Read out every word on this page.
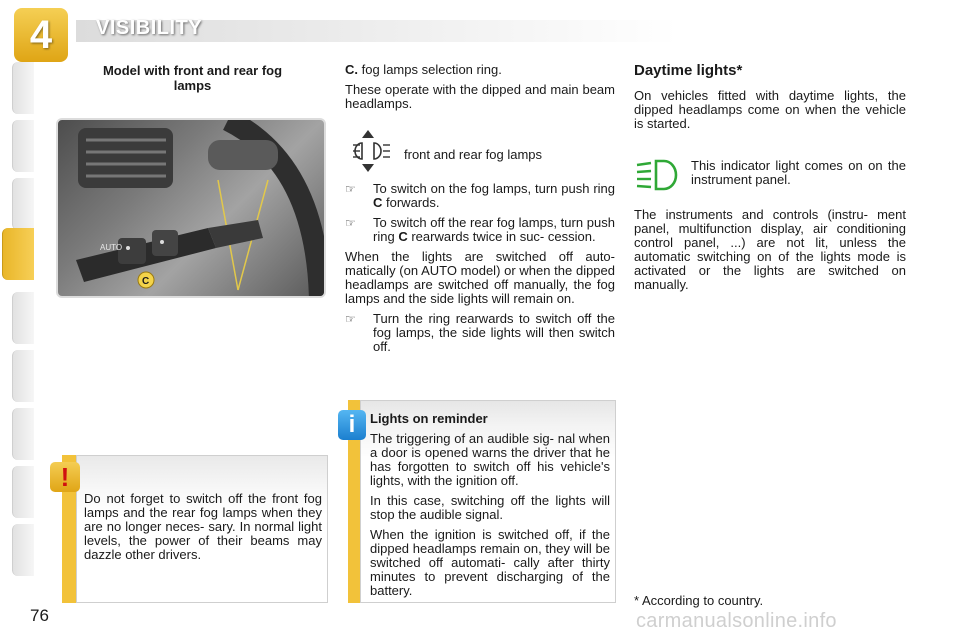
4	VISIBILITY
Model with front and rear fog lamps
AUTO
C
Do not forget to switch off the front fog lamps and the rear fog lamps when they are no longer neces- sary. In normal light levels, the power of their beams may dazzle other drivers.
!

C. fog lamps selection ring.

These operate with the dipped and main beam headlamps.

front and rear fog lamps
☞	To switch on the fog lamps, turn push ring C forwards.
☞	To switch off the rear fog lamps, turn push ring C rearwards twice in suc- cession.

When the lights are switched off auto- matically (on AUTO model) or when the dipped headlamps are switched off manually, the fog lamps and the side lights will remain on.

☞	Turn the ring rearwards to switch off the fog lamps, the side lights will then switch off.
Lights on reminder

The triggering of an audible sig- nal when a door is opened warns the driver that he has forgotten to switch off his vehicle's lights, with the ignition off.

In this case, switching off the lights will stop the audible signal.

When the ignition is switched off, if the dipped headlamps remain on, they will be switched off automati- cally after thirty minutes to prevent discharging of the battery.

i
Daytime lights*
On vehicles fitted with daytime lights, the dipped headlamps come on when the vehicle is started.
This indicator light comes on on the instrument panel.
The instruments and controls (instru- ment panel, multifunction display, air conditioning control panel, ...) are not lit, unless the automatic switching on of the lights mode is activated or the lights are switched on manually.
* According to country.
76	carmanualsonline.info
